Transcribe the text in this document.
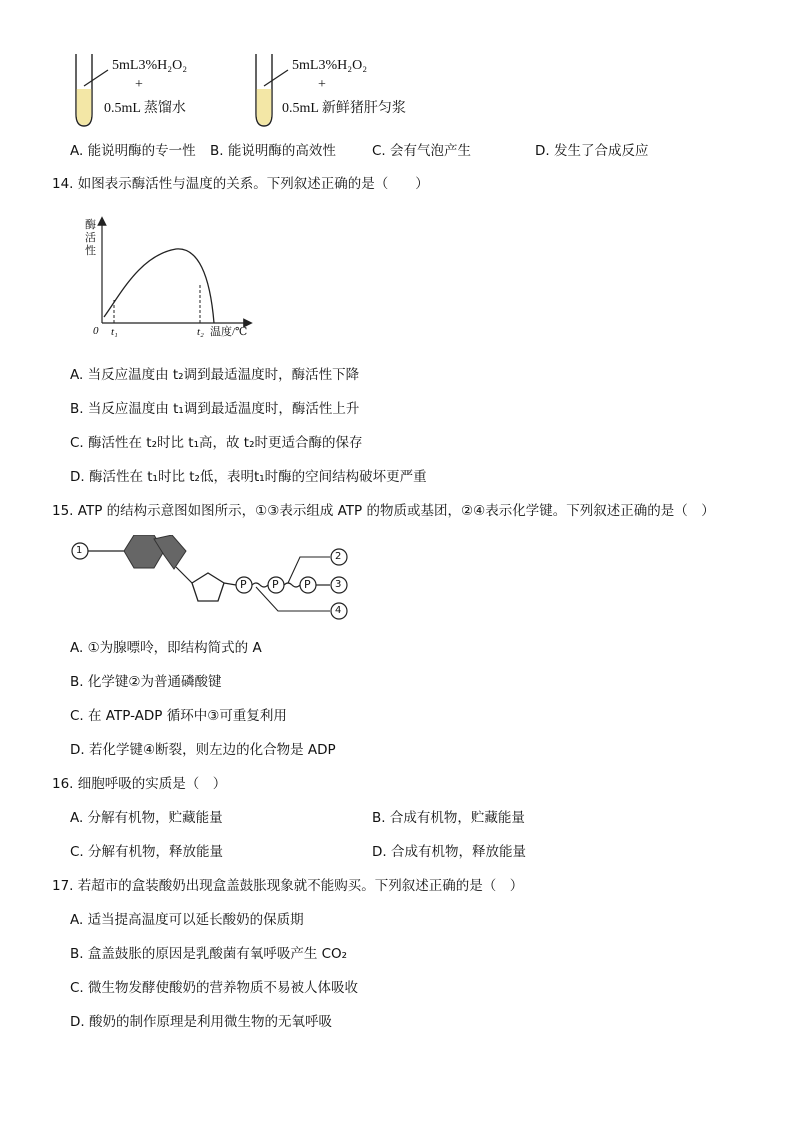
5mL3%H₂O₂
+
0.5mL 蒸馏水
5mL3%H₂O₂
+
0.5mL 新鲜猪肝匀浆
A. 能说明酶的专一性 B. 能说明酶的高效性	C. 会有气泡产生	D. 发生了合成反应
14. 如图表示酶活性与温度的关系。下列叙述正确的是（　　）
酶
活
性
0 t₁	t₂ 温度/℃
A. 当反应温度由 t₂调到最适温度时，酶活性下降
B. 当反应温度由 t₁调到最适温度时，酶活性上升
C. 酶活性在 t₂时比 t₁高，故 t₂时更适合酶的保存
D. 酶活性在 t₁时比 t₂低，表明t₁时酶的空间结构破坏更严重
15. ATP 的结构示意图如图所示，①③表示组成 ATP 的物质或基团，②④表示化学键。下列叙述正确的是（　）
1
P P P
2
3
4
A. ①为腺嘌呤，即结构简式的 A
B. 化学键②为普通磷酸键
C. 在 ATP-ADP 循环中③可重复利用
D. 若化学键④断裂，则左边的化合物是 ADP
16. 细胞呼吸的实质是（　）
A. 分解有机物，贮藏能量	B. 合成有机物，贮藏能量
C. 分解有机物，释放能量	D. 合成有机物，释放能量
17. 若超市的盒装酸奶出现盒盖鼓胀现象就不能购买。下列叙述正确的是（　）
A. 适当提高温度可以延长酸奶的保质期
B. 盒盖鼓胀的原因是乳酸菌有氧呼吸产生 CO₂
C. 微生物发酵使酸奶的营养物质不易被人体吸收
D. 酸奶的制作原理是利用微生物的无氧呼吸
